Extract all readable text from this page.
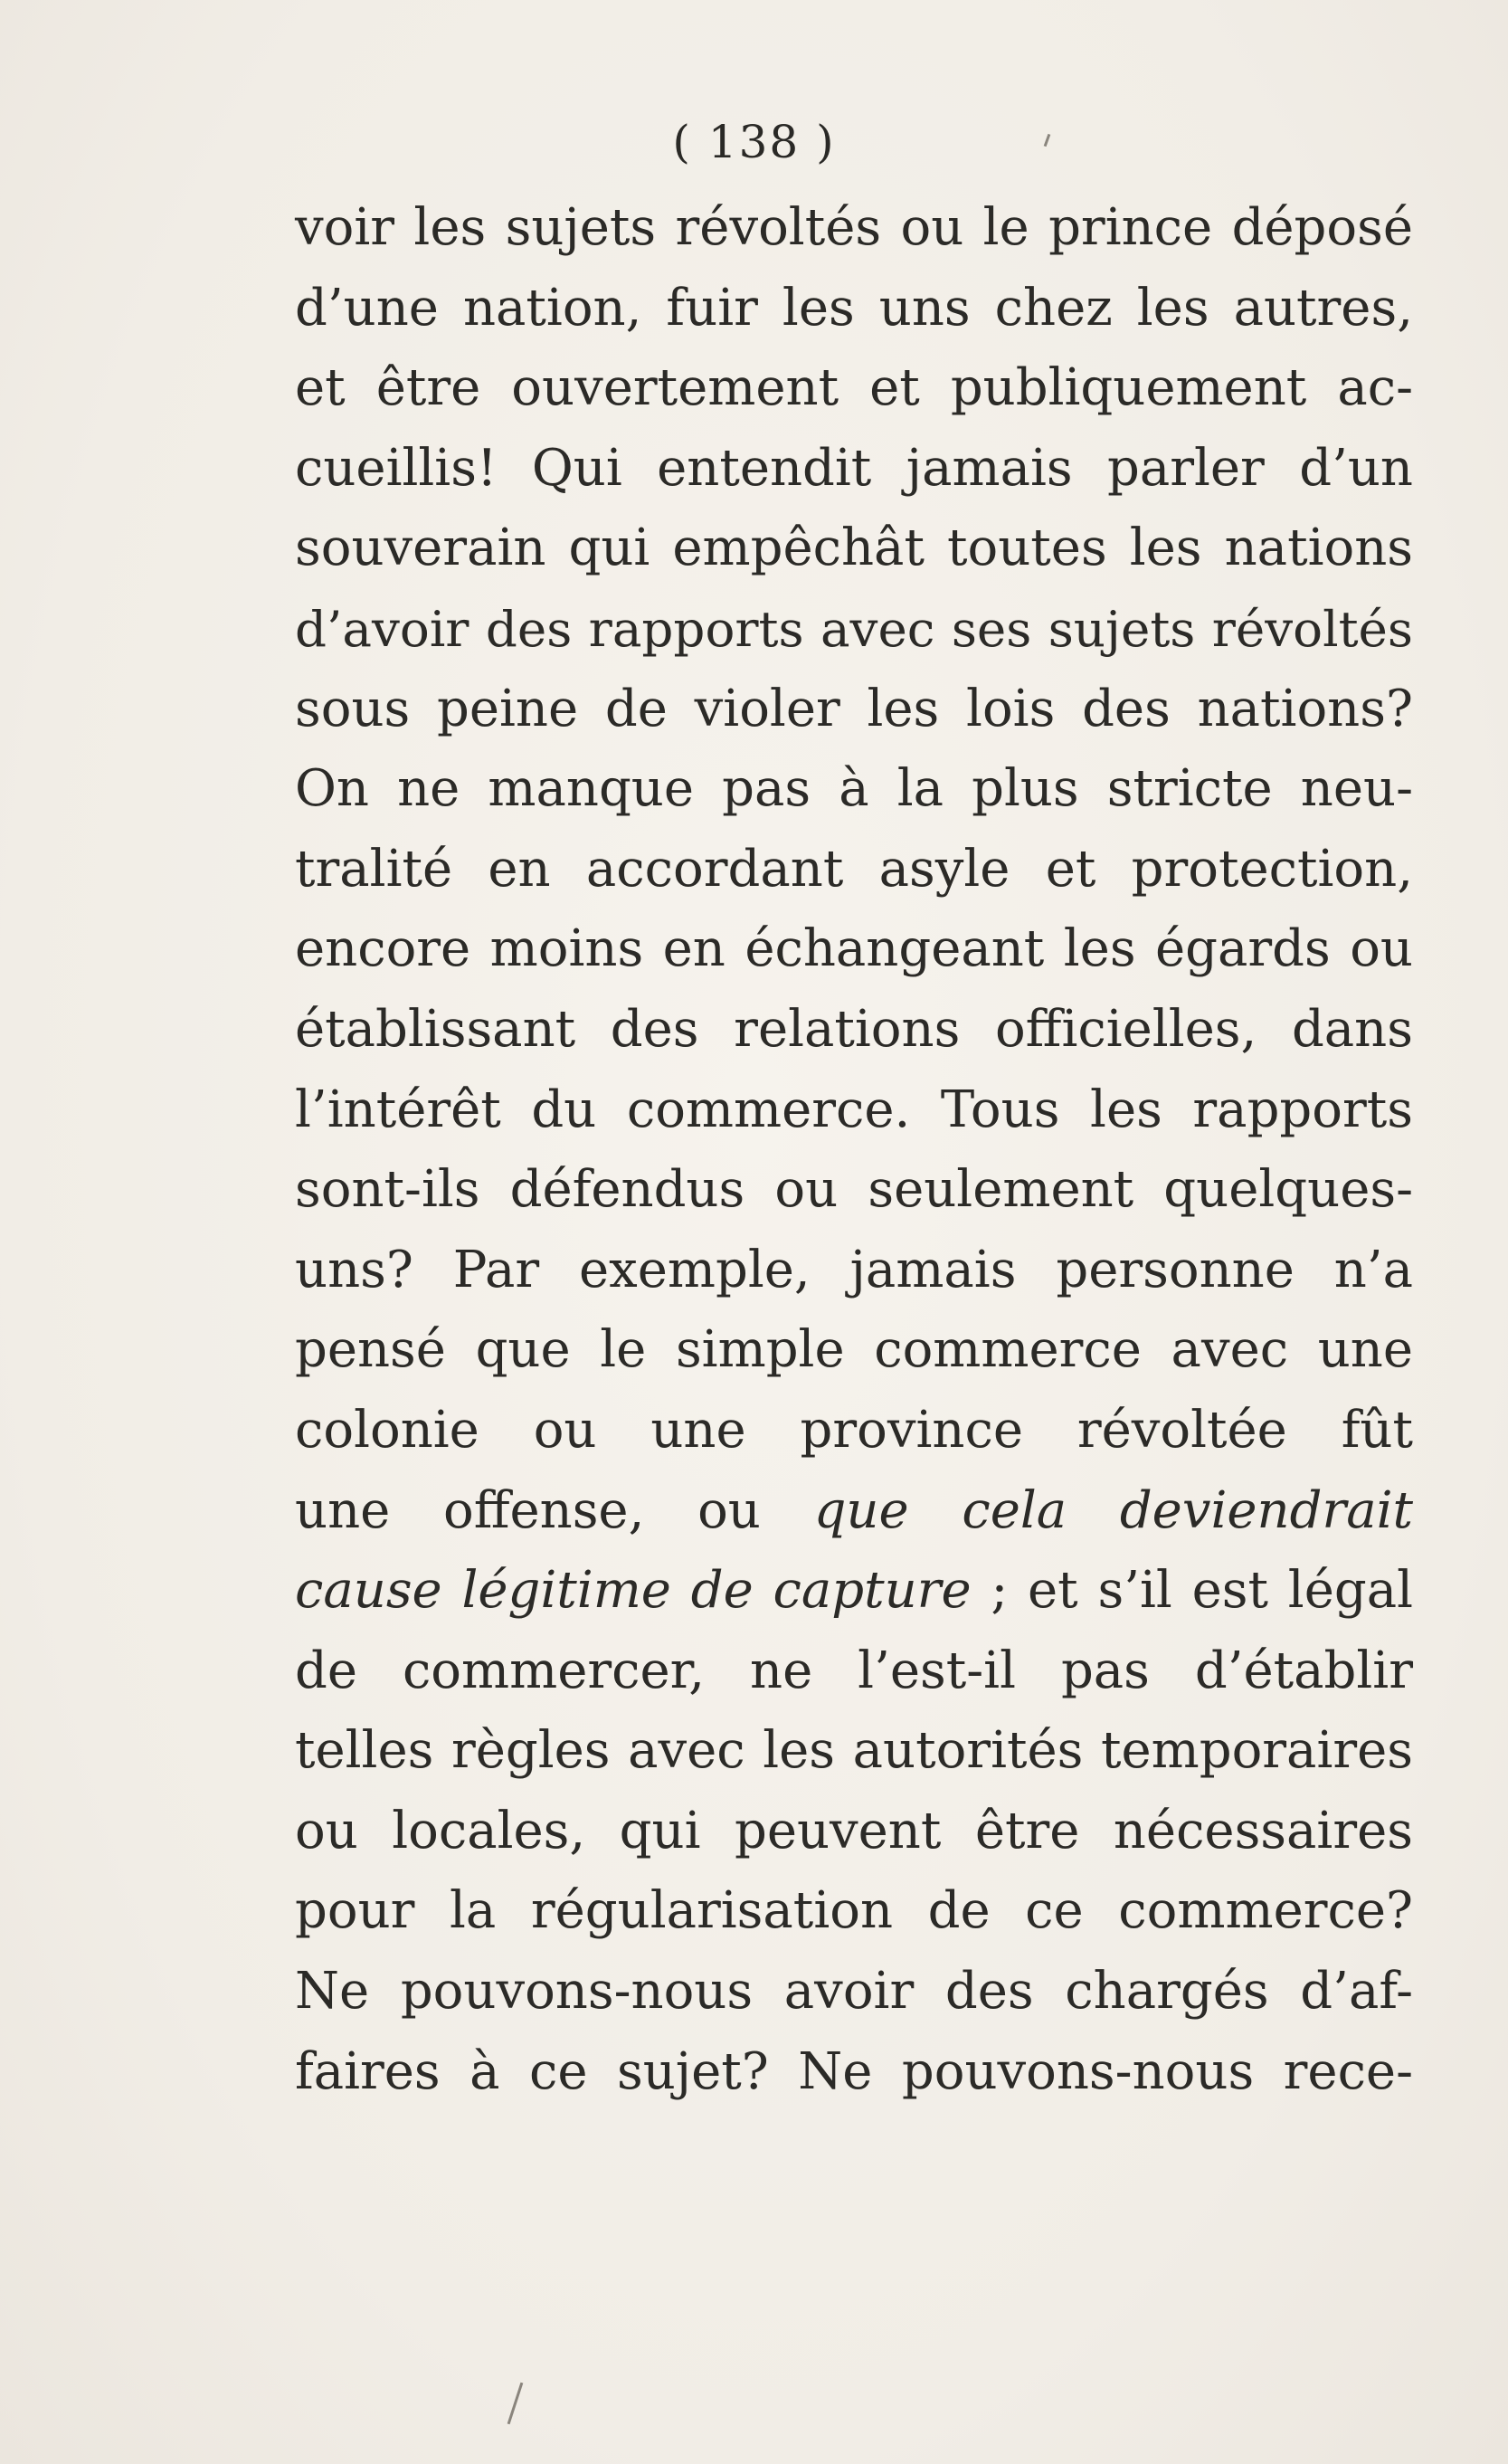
( 138 )
voir les sujets révoltés ou le prince déposé
d’une nation, fuir les uns chez les autres,
et être ouvertement et publiquement ac-
cueillis! Qui entendit jamais parler d’un
souverain qui empêchât toutes les nations
d’avoir des rapports avec ses sujets révoltés
sous peine de violer les lois des nations?
On ne manque pas à la plus stricte neu-
tralité en accordant asyle et protection,
encore moins en échangeant les égards ou
établissant des relations officielles, dans
l’intérêt du commerce. Tous les rapports
sont-ils défendus ou seulement quelques-
uns? Par exemple, jamais personne n’a
pensé que le simple commerce avec une
colonie ou une province révoltée fût
une offense, ou que cela deviendrait
cause légitime de capture ; et s’il est légal
de commercer, ne l’est-il pas d’établir
telles règles avec les autorités temporaires
ou locales, qui peuvent être nécessaires
pour la régularisation de ce commerce?
Ne pouvons-nous avoir des chargés d’af-
faires à ce sujet? Ne pouvons-nous rece-
